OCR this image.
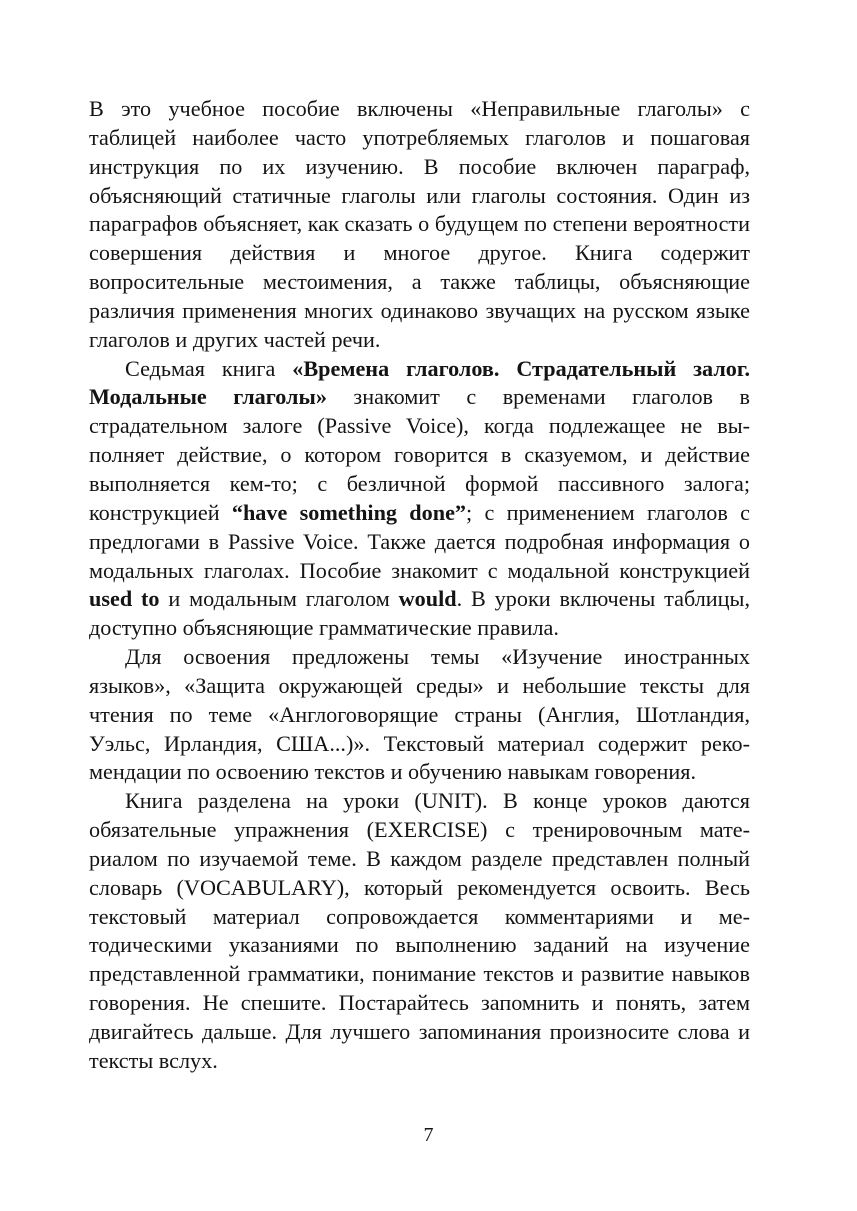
В это учебное пособие включены «Неправильные глаголы» с таблицей наиболее часто употребляемых глаголов и пошаговая инструкция по их изучению. В пособие включен параграф, объясняющий статичные глаголы или глаголы состояния. Один из параграфов объясняет, как сказать о будущем по степени вероятности совершения действия и многое другое. Книга содержит вопросительные местоимения, а также таблицы, объясняющие различия применения многих одинаково звучащих на русском языке глаголов и других частей речи.

Седьмая книга «Времена глаголов. Страдательный залог. Модальные глаголы» знакомит с временами глаголов в страдательном залоге (Passive Voice), когда подлежащее не выполняет действие, о котором говорится в сказуемом, и действие выполняется кем-то; с безличной формой пассивного залога; конструкцией “have something done”; с применением глаголов с предлогами в Passive Voice. Также дается подробная информация о модальных глаголах. Пособие знакомит с модальной конструкцией used to и модальным глаголом would. В уроки включены таблицы, доступно объясняющие грамматические правила.

Для освоения предложены темы «Изучение иностранных языков», «Защита окружающей среды» и небольшие тексты для чтения по теме «Англоговорящие страны (Англия, Шотландия, Уэльс, Ирландия, США...)». Текстовый материал содержит рекомендации по освоению текстов и обучению навыкам говорения.

Книга разделена на уроки (UNIT). В конце уроков даются обязательные упражнения (EXERCISE) с тренировочным материалом по изучаемой теме. В каждом разделе представлен полный словарь (VOCABULARY), который рекомендуется освоить. Весь текстовый материал сопровождается комментариями и методическими указаниями по выполнению заданий на изучение представленной грамматики, понимание текстов и развитие навыков говорения. Не спешите. Постарайтесь запомнить и понять, затем двигайтесь дальше. Для лучшего запоминания произносите слова и тексты вслух.

7
